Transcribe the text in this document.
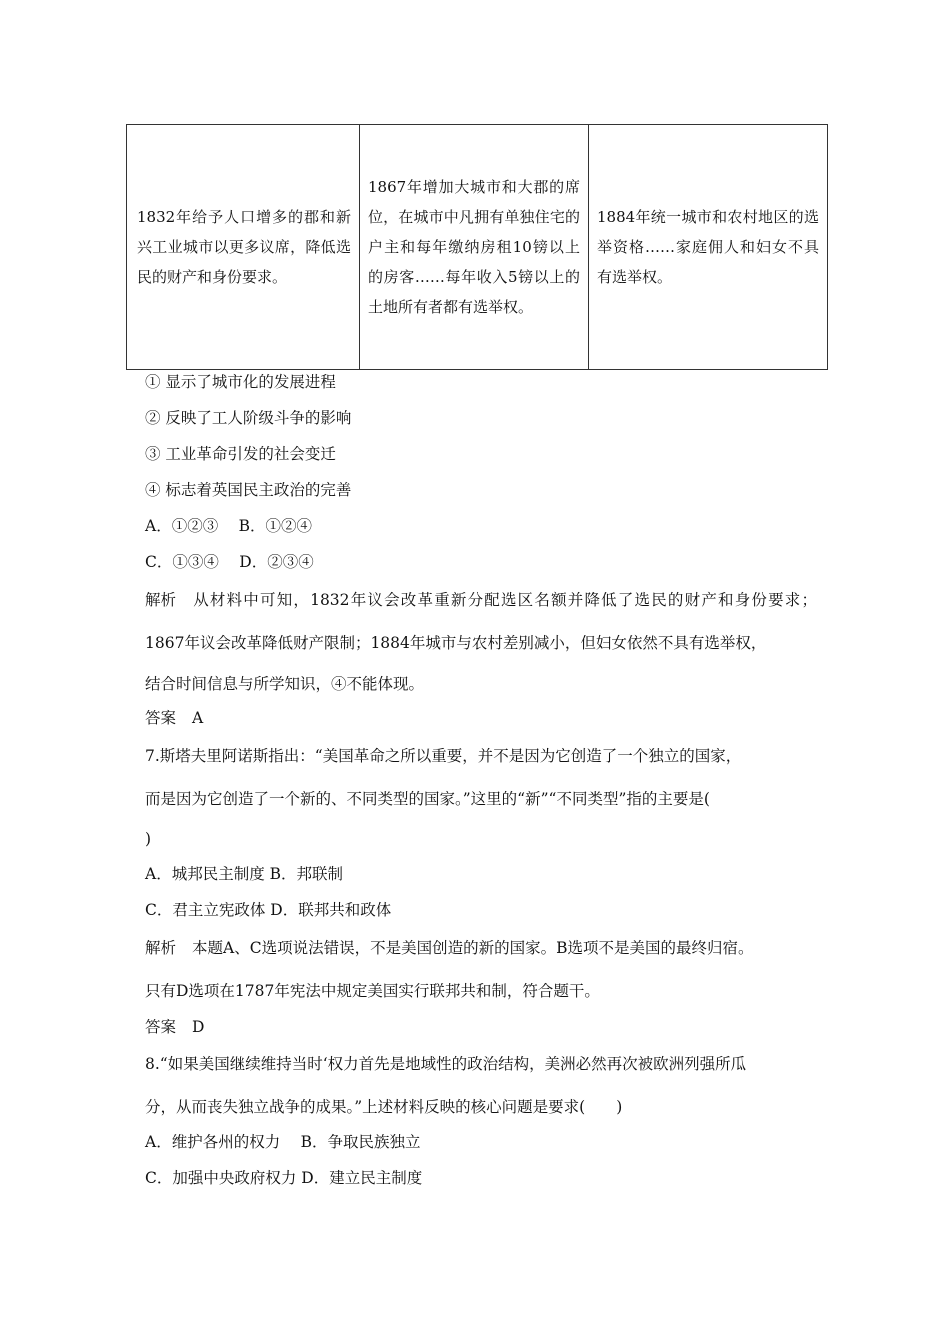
1832年给予人口增多的郡和新兴工业城市以更多议席，降低选民的财产和身份要求。	1867年增加大城市和大郡的席位，在城市中凡拥有单独住宅的户主和每年缴纳房租10镑以上的房客……每年收入5镑以上的土地所有者都有选举权。	1884年统一城市和农村地区的选举资格……家庭佣人和妇女不具有选举权。
① 显示了城市化的发展进程
② 反映了工人阶级斗争的影响
③ 工业革命引发的社会变迁
④ 标志着英国民主政治的完善
A．①②③　 B．①②④
C．①③④　 D．②③④
解析 从材料中可知，1832年议会改革重新分配选区名额并降低了选民的财产和身份要求；
1867年议会改革降低财产限制；1884年城市与农村差别减小，但妇女依然不具有选举权，
结合时间信息与所学知识，④不能体现。
答案 A
7.斯塔夫里阿诺斯指出：“美国革命之所以重要，并不是因为它创造了一个独立的国家，
而是因为它创造了一个新的、不同类型的国家。”这里的“新”“不同类型”指的主要是(
)
A．城邦民主制度 B．邦联制
C．君主立宪政体 D．联邦共和政体
解析 本题A、C选项说法错误，不是美国创造的新的国家。B选项不是美国的最终归宿。
只有D选项在1787年宪法中规定美国实行联邦共和制，符合题干。
答案 D
8.“如果美国继续维持当时‘权力首先是地域性的政治结构，美洲必然再次被欧洲列强所瓜
分，从而丧失独立战争的成果。”上述材料反映的核心问题是要求(　　)
A．维护各州的权力　 B．争取民族独立
C．加强中央政府权力 D．建立民主制度
